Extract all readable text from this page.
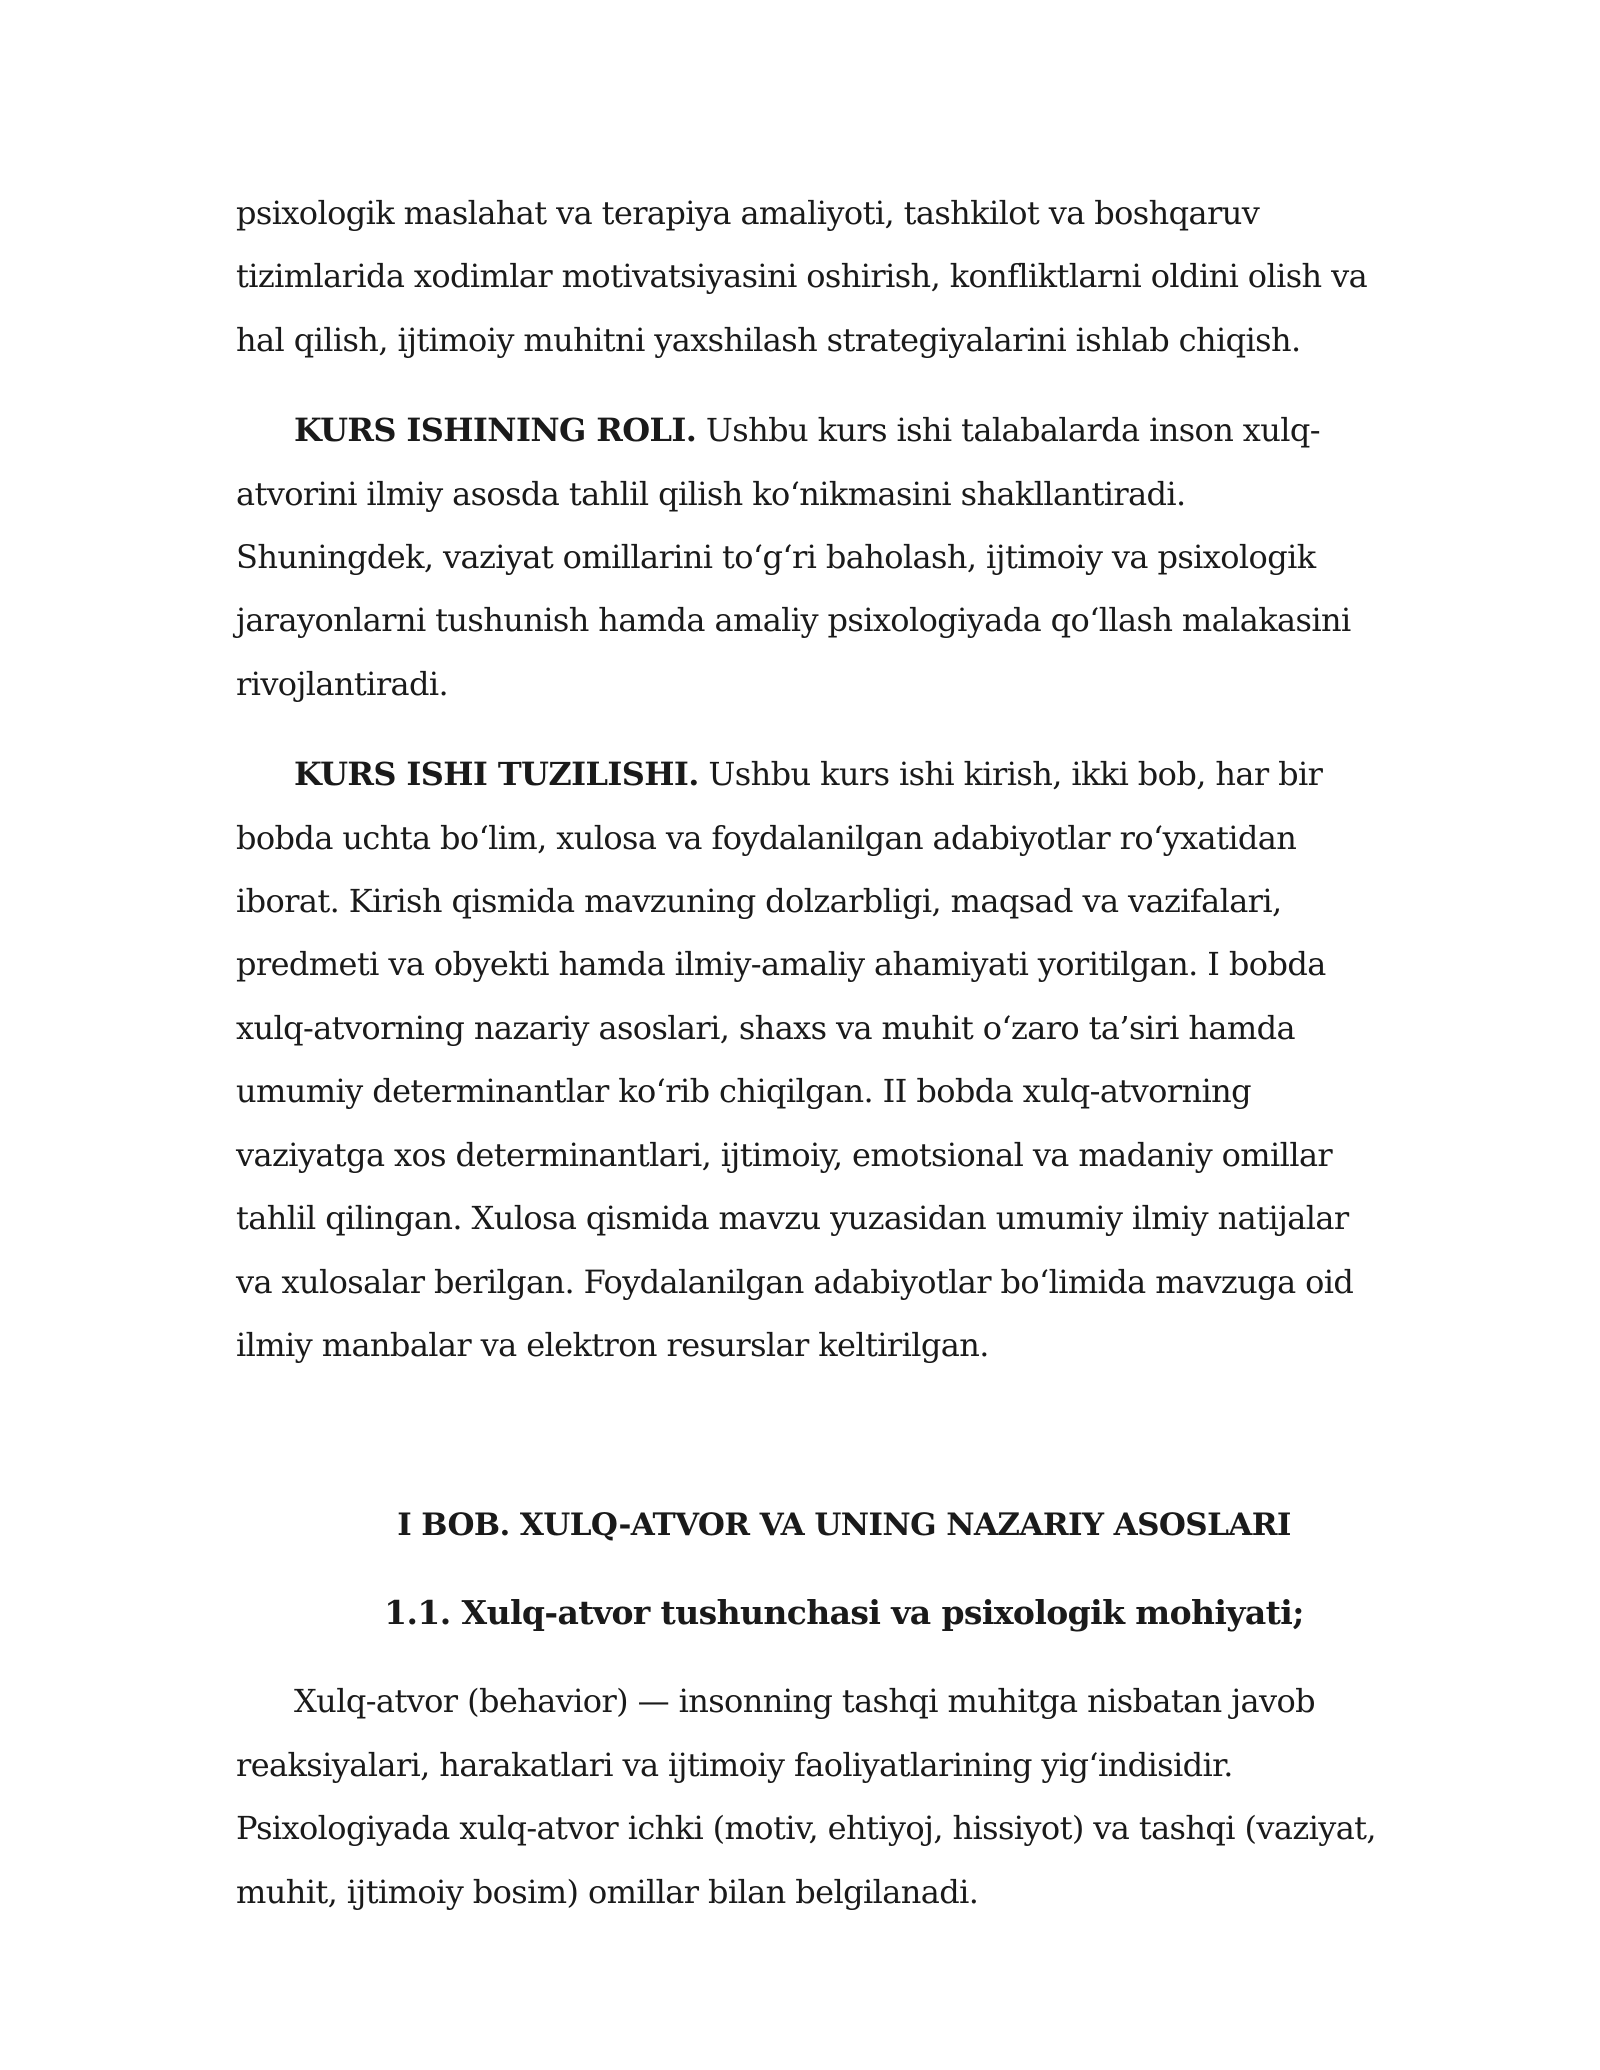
psixologik maslahat va terapiya amaliyoti, tashkilot va boshqaruv tizimlarida xodimlar motivatsiyasini oshirish, konfliktlarni oldini olish va hal qilish, ijtimoiy muhitni yaxshilash strategiyalarini ishlab chiqish.

KURS ISHINING ROLI. Ushbu kurs ishi talabalarda inson xulq-atvorini ilmiy asosda tahlil qilish ko‘nikmasini shakllantiradi. Shuningdek, vaziyat omillarini to‘g‘ri baholash, ijtimoiy va psixologik jarayonlarni tushunish hamda amaliy psixologiyada qo‘llash malakasini rivojlantiradi.

KURS ISHI TUZILISHI. Ushbu kurs ishi kirish, ikki bob, har bir bobda uchta bo‘lim, xulosa va foydalanilgan adabiyotlar ro‘yxatidan iborat. Kirish qismida mavzuning dolzarbligi, maqsad va vazifalari, predmeti va obyekti hamda ilmiy-amaliy ahamiyati yoritilgan. I bobda xulq-atvorning nazariy asoslari, shaxs va muhit o‘zaro ta’siri hamda umumiy determinantlar ko‘rib chiqilgan. II bobda xulq-atvorning vaziyatga xos determinantlari, ijtimoiy, emotsional va madaniy omillar tahlil qilingan. Xulosa qismida mavzu yuzasidan umumiy ilmiy natijalar va xulosalar berilgan. Foydalanilgan adabiyotlar bo‘limida mavzuga oid ilmiy manbalar va elektron resurslar keltirilgan.

I BOB. XULQ-ATVOR VA UNING NAZARIY ASOSLARI
1.1. Xulq-atvor tushunchasi va psixologik mohiyati;

Xulq-atvor (behavior) — insonning tashqi muhitga nisbatan javob reaksiyalari, harakatlari va ijtimoiy faoliyatlarining yig‘indisidir. Psixologiyada xulq-atvor ichki (motiv, ehtiyoj, hissiyot) va tashqi (vaziyat, muhit, ijtimoiy bosim) omillar bilan belgilanadi.
